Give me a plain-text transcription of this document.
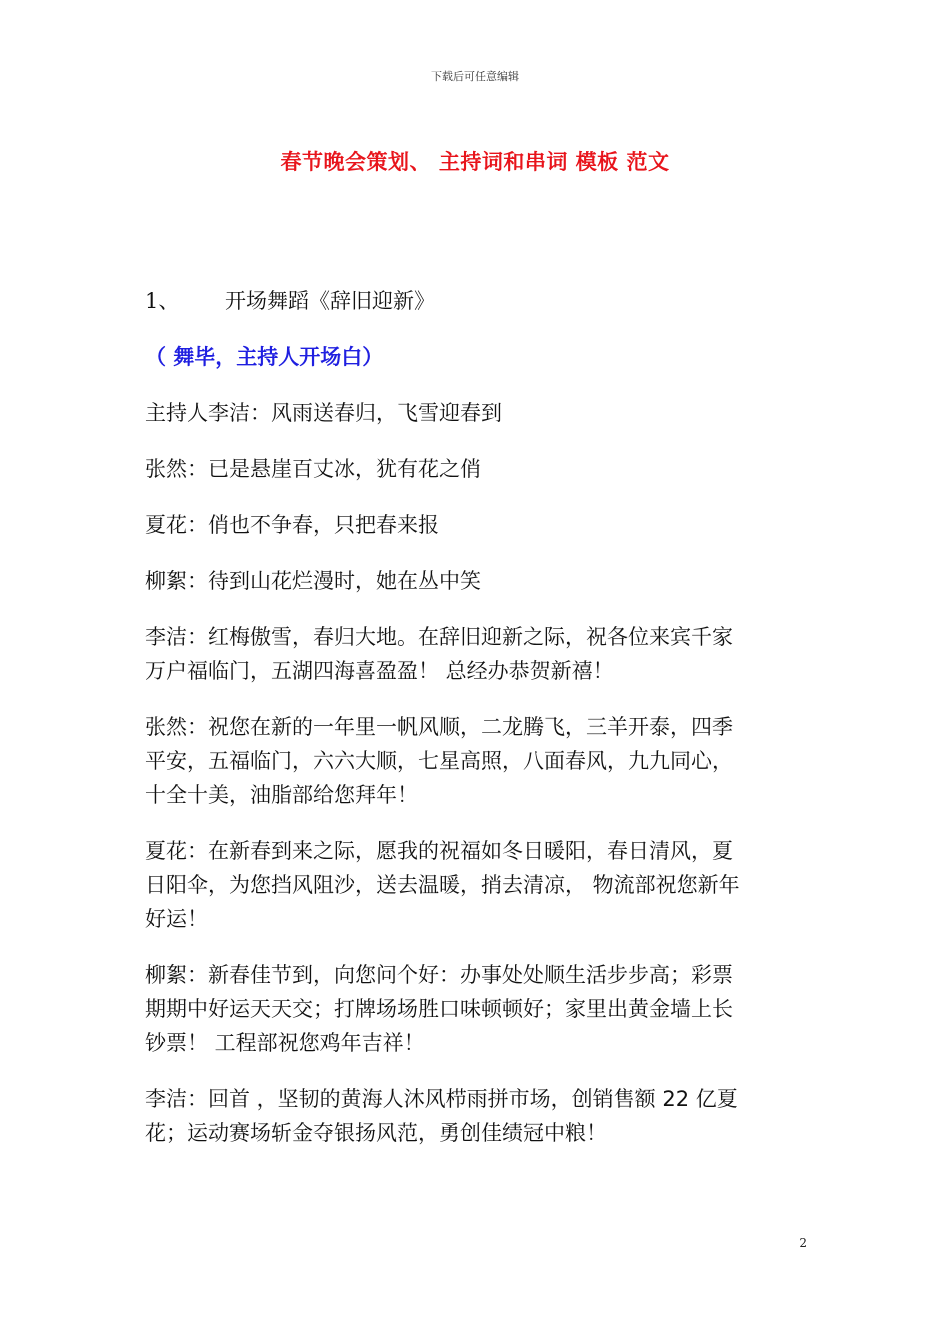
下载后可任意编辑
春节晚会策划、 主持词和串词 模板 范文
1、	开场舞蹈《辞旧迎新》
（ 舞毕，主持人开场白）
主持人李洁：风雨送春归，飞雪迎春到
张然：已是悬崖百丈冰，犹有花之俏
夏花：俏也不争春，只把春来报
柳絮：待到山花烂漫时，她在丛中笑
李洁：红梅傲雪，春归大地。在辞旧迎新之际，祝各位来宾千家
万户福临门，五湖四海喜盈盈！ 总经办恭贺新禧！
张然：祝您在新的一年里一帆风顺，二龙腾飞，三羊开泰，四季
平安，五福临门，六六大顺，七星高照，八面春风，九九同心，
十全十美，油脂部给您拜年！
夏花：在新春到来之际，愿我的祝福如冬日暖阳，春日清风，夏
日阳伞，为您挡风阻沙，送去温暖，捎去清凉， 物流部祝您新年
好运！
柳絮：新春佳节到，向您问个好：办事处处顺生活步步高；彩票
期期中好运天天交；打牌场场胜口味顿顿好；家里出黄金墙上长
钞票！ 工程部祝您鸡年吉祥！
李洁：回首 ，坚韧的黄海人沐风栉雨拼市场，创销售额 22 亿夏
花；运动赛场斩金夺银扬风范，勇创佳绩冠中粮！
2
